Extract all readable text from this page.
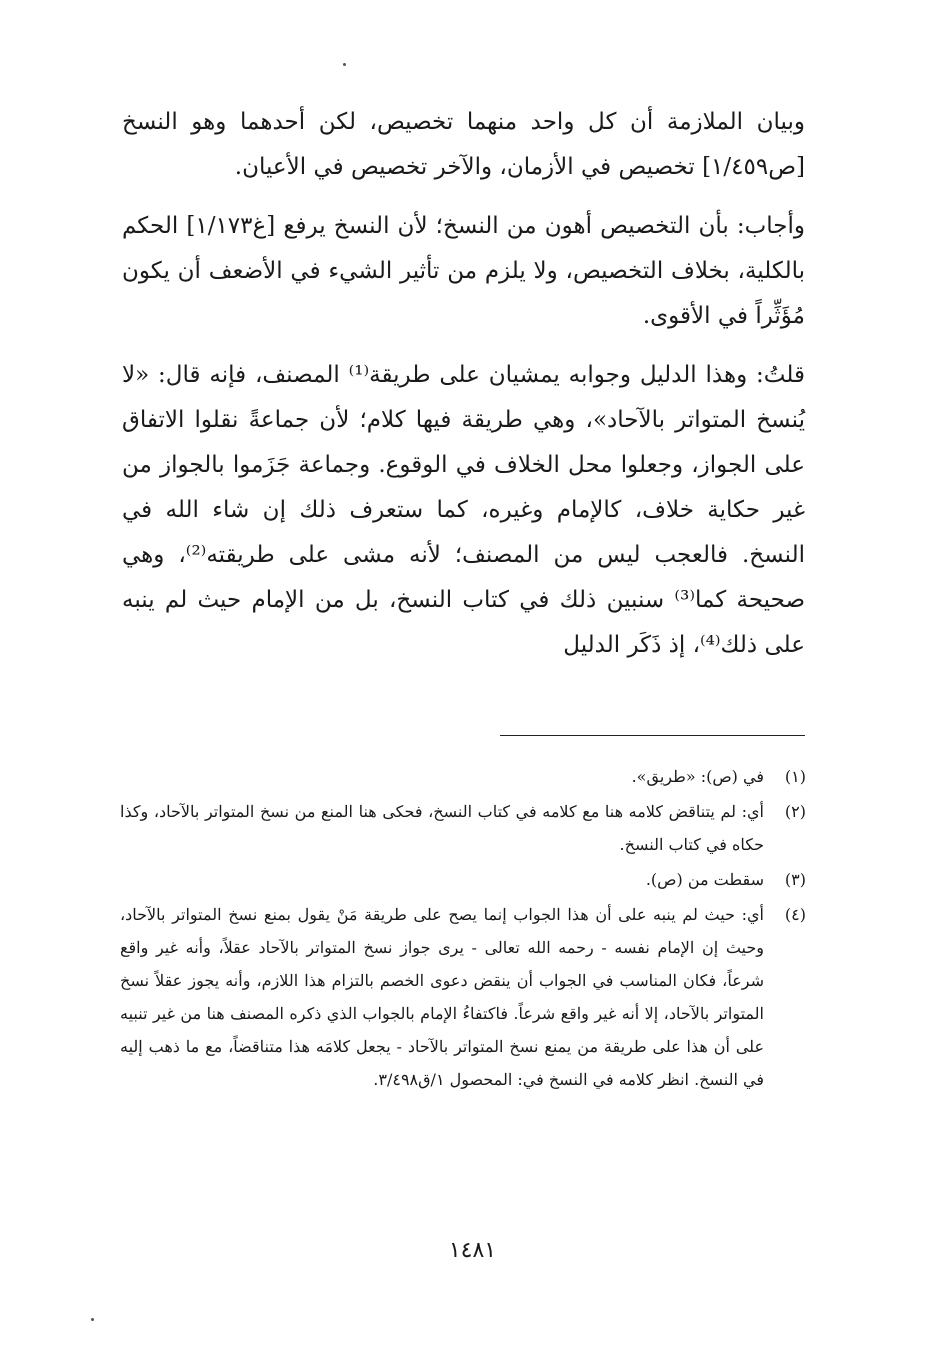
وبيان الملازمة أن كل واحد منهما تخصيص، لكن أحدهما وهو النسخ [ص١/٤٥٩] تخصيص في الأزمان، والآخر تخصيص في الأعيان.

وأجاب: بأن التخصيص أهون من النسخ؛ لأن النسخ يرفع [غ١/١٧٣] الحكم بالكلية، بخلاف التخصيص، ولا يلزم من تأثير الشيء في الأضعف أن يكون مُؤَثِّراً في الأقوى.

قلتُ: وهذا الدليل وجوابه يمشيان على طريقة⁽¹⁾ المصنف، فإنه قال: «لا يُنسخ المتواتر بالآحاد»، وهي طريقة فيها كلام؛ لأن جماعةً نقلوا الاتفاق على الجواز، وجعلوا محل الخلاف في الوقوع. وجماعة جَزَموا بالجواز من غير حكاية خلاف، كالإمام وغيره، كما ستعرف ذلك إن شاء الله في النسخ. فالعجب ليس من المصنف؛ لأنه مشى على طريقته⁽²⁾، وهي صحيحة كما⁽³⁾ سنبين ذلك في كتاب النسخ، بل من الإمام حيث لم ينبه على ذلك⁽⁴⁾، إذ ذَكَر الدليل

(١)
في (ص): «طريق».
(٢)
أي: لم يتناقض كلامه هنا مع كلامه في كتاب النسخ، فحكى هنا المنع من نسخ المتواتر بالآحاد، وكذا حكاه في كتاب النسخ.
(٣)
سقطت من (ص).
(٤)
أي: حيث لم ينبه على أن هذا الجواب إنما يصح على طريقة مَنْ يقول بمنع نسخ المتواتر بالآحاد، وحيث إن الإمام نفسه - رحمه الله تعالى - يرى جواز نسخ المتواتر بالآحاد عقلاً، وأنه غير واقع شرعاً، فكان المناسب في الجواب أن ينقض دعوى الخصم بالتزام هذا اللازم، وأنه يجوز عقلاً نسخ المتواتر بالآحاد، إلا أنه غير واقع شرعاً. فاكتفاءُ الإمام بالجواب الذي ذكره المصنف هنا من غير تنبيه على أن هذا على طريقة من يمنع نسخ المتواتر بالآحاد - يجعل كلامَه هذا متناقضاً، مع ما ذهب إليه في النسخ. انظر كلامه في النسخ في: المحصول ١/ق٣/٤٩٨.
١٤٨١
